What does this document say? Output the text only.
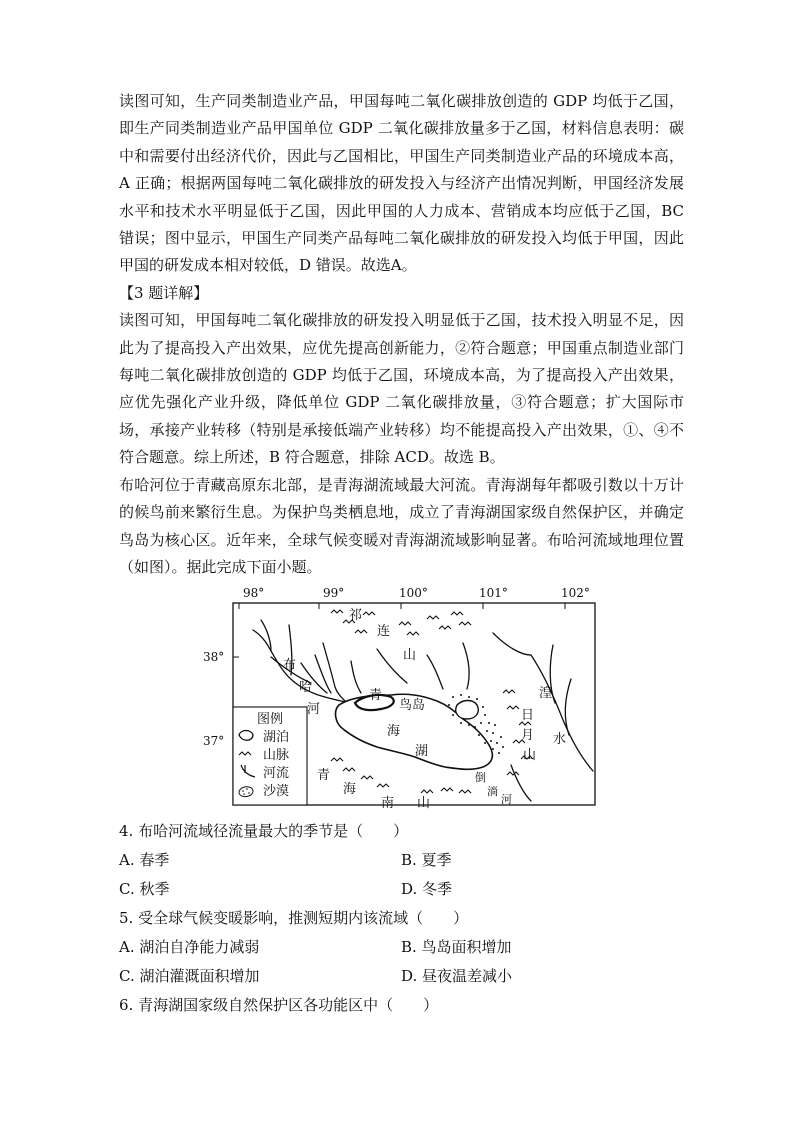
读图可知，生产同类制造业产品，甲国每吨二氧化碳排放创造的 GDP 均低于乙国，即生产同类制造业产品甲国单位 GDP 二氧化碳排放量多于乙国，材料信息表明：碳中和需要付出经济代价，因此与乙国相比，甲国生产同类制造业产品的环境成本高，A 正确；根据两国每吨二氧化碳排放的研发投入与经济产出情况判断，甲国经济发展水平和技术水平明显低于乙国，因此甲国的人力成本、营销成本均应低于乙国，BC 错误；图中显示，甲国生产同类产品每吨二氧化碳排放的研发投入均低于甲国，因此甲国的研发成本相对较低，D 错误。故选A。

【3 题详解】

读图可知，甲国每吨二氧化碳排放的研发投入明显低于乙国，技术投入明显不足，因此为了提高投入产出效果，应优先提高创新能力，②符合题意；甲国重点制造业部门每吨二氧化碳排放创造的 GDP 均低于乙国，环境成本高，为了提高投入产出效果，应优先强化产业升级，降低单位 GDP 二氧化碳排放量，③符合题意；扩大国际市场，承接产业转移（特别是承接低端产业转移）均不能提高投入产出效果，①、④不符合题意。综上所述，B 符合题意，排除 ACD。故选 B。

布哈河位于青藏高原东北部，是青海湖流域最大河流。青海湖每年都吸引数以十万计的候鸟前来繁衍生息。为保护鸟类栖息地，成立了青海湖国家级自然保护区，并确定鸟岛为核心区。近年来，全球气候变暖对青海湖流域影响显著。布哈河流域地理位置（如图）。据此完成下面小题。

98°	99°	100°	101°	102°
38°
37°
祁
连
山
布
哈
河
青
海
湖
鸟岛
日
月
山
湟
水
青
海
南 山
倒
淌
河
图例
湖泊
山脉
河流
沙漠

4. 布哈河流域径流量最大的季节是（　　）

A. 春季	B. 夏季
C. 秋季	D. 冬季

5. 受全球气候变暖影响，推测短期内该流域（　　）

A. 湖泊自净能力减弱	B. 鸟岛面积增加
C. 湖泊灌溉面积增加	D. 昼夜温差减小

6. 青海湖国家级自然保护区各功能区中（　　）
